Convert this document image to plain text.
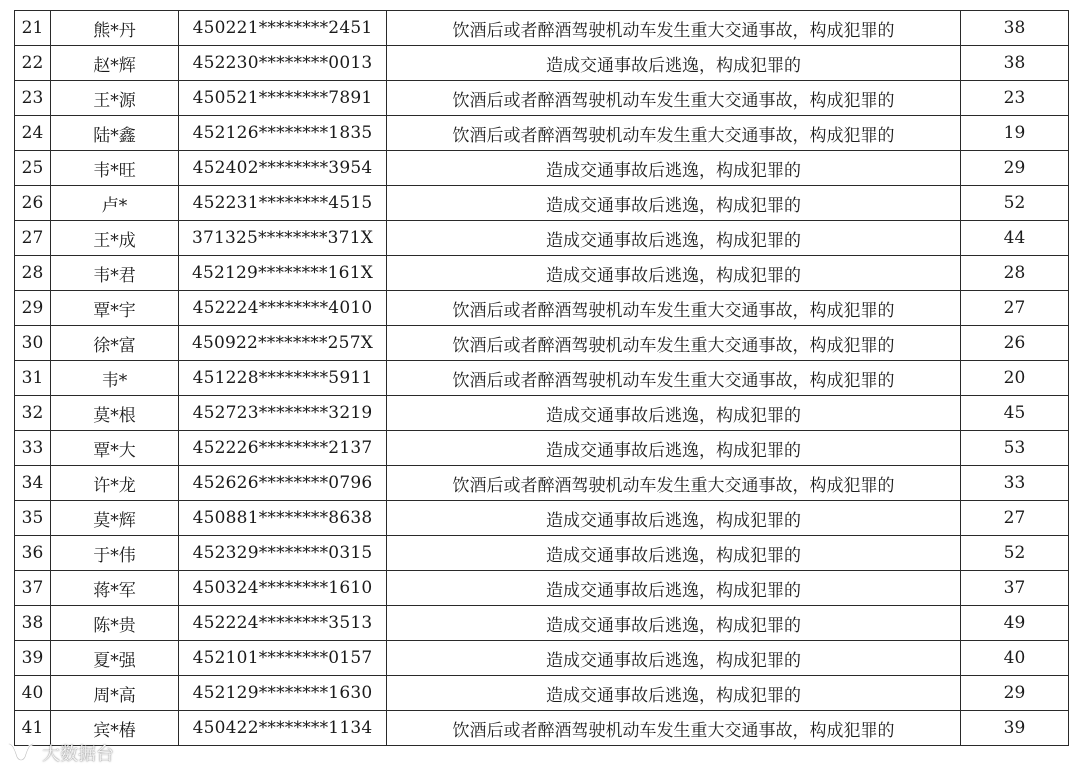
21	熊*丹	450221********2451	饮酒后或者醉酒驾驶机动车发生重大交通事故，构成犯罪的	38
22	赵*辉	452230********0013	造成交通事故后逃逸，构成犯罪的	38
23	王*源	450521********7891	饮酒后或者醉酒驾驶机动车发生重大交通事故，构成犯罪的	23
24	陆*鑫	452126********1835	饮酒后或者醉酒驾驶机动车发生重大交通事故，构成犯罪的	19
25	韦*旺	452402********3954	造成交通事故后逃逸，构成犯罪的	29
26	卢*	452231********4515	造成交通事故后逃逸，构成犯罪的	52
27	王*成	371325********371X	造成交通事故后逃逸，构成犯罪的	44
28	韦*君	452129********161X	造成交通事故后逃逸，构成犯罪的	28
29	覃*宇	452224********4010	饮酒后或者醉酒驾驶机动车发生重大交通事故，构成犯罪的	27
30	徐*富	450922********257X	饮酒后或者醉酒驾驶机动车发生重大交通事故，构成犯罪的	26
31	韦*	451228********5911	饮酒后或者醉酒驾驶机动车发生重大交通事故，构成犯罪的	20
32	莫*根	452723********3219	造成交通事故后逃逸，构成犯罪的	45
33	覃*大	452226********2137	造成交通事故后逃逸，构成犯罪的	53
34	许*龙	452626********0796	饮酒后或者醉酒驾驶机动车发生重大交通事故，构成犯罪的	33
35	莫*辉	450881********8638	造成交通事故后逃逸，构成犯罪的	27
36	于*伟	452329********0315	造成交通事故后逃逸，构成犯罪的	52
37	蒋*军	450324********1610	造成交通事故后逃逸，构成犯罪的	37
38	陈*贵	452224********3513	造成交通事故后逃逸，构成犯罪的	49
39	夏*强	452101********0157	造成交通事故后逃逸，构成犯罪的	40
40	周*高	452129********1630	造成交通事故后逃逸，构成犯罪的	29
41	宾*椿	450422********1134	饮酒后或者醉酒驾驶机动车发生重大交通事故，构成犯罪的	39
大数据台
